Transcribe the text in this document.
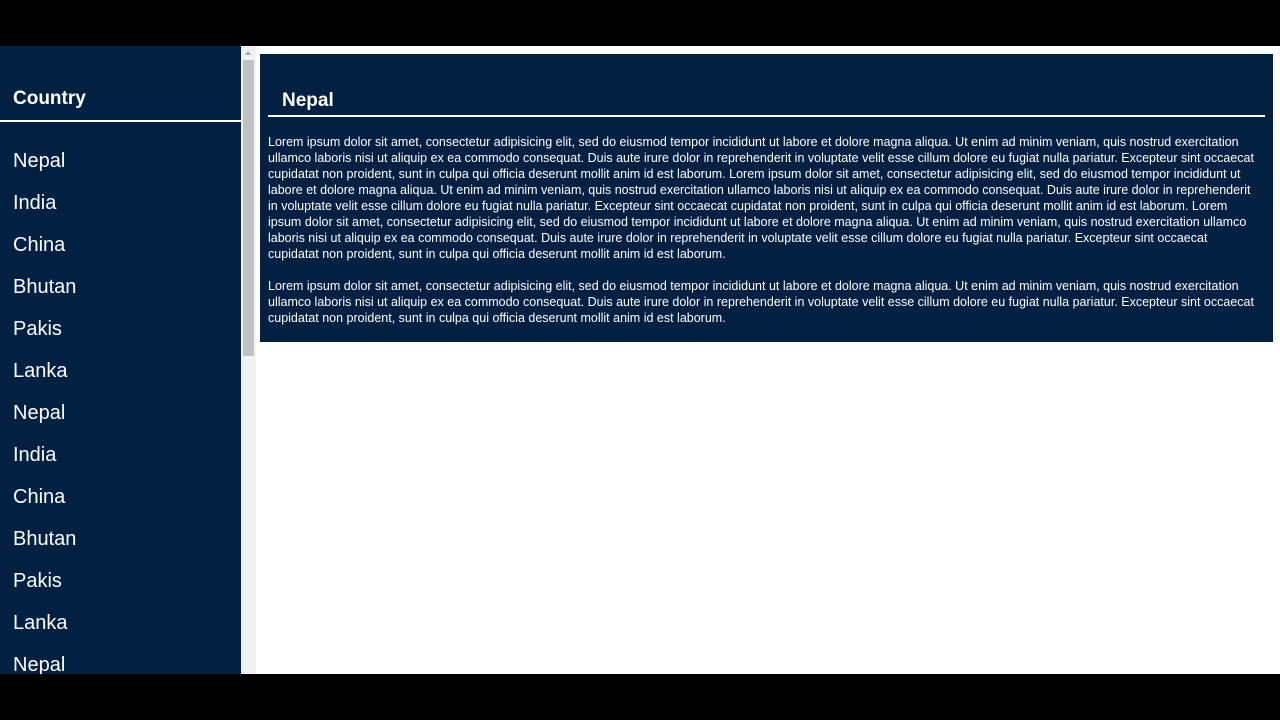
Country
Nepal
India
China
Bhutan
Pakis
Lanka
Nepal
India
China
Bhutan
Pakis
Lanka
Nepal
Nepal

Lorem ipsum dolor sit amet, consectetur adipisicing elit, sed do eiusmod tempor incididunt ut labore et dolore magna aliqua. Ut enim ad minim veniam, quis nostrud exercitation ullamco laboris nisi ut aliquip ex ea commodo consequat. Duis aute irure dolor in reprehenderit in voluptate velit esse cillum dolore eu fugiat nulla pariatur. Excepteur sint occaecat cupidatat non proident, sunt in culpa qui officia deserunt mollit anim id est laborum. Lorem ipsum dolor sit amet, consectetur adipisicing elit, sed do eiusmod tempor incididunt ut labore et dolore magna aliqua. Ut enim ad minim veniam, quis nostrud exercitation ullamco laboris nisi ut aliquip ex ea commodo consequat. Duis aute irure dolor in reprehenderit in voluptate velit esse cillum dolore eu fugiat nulla pariatur. Excepteur sint occaecat cupidatat non proident, sunt in culpa qui officia deserunt mollit anim id est laborum. Lorem ipsum dolor sit amet, consectetur adipisicing elit, sed do eiusmod tempor incididunt ut labore et dolore magna aliqua. Ut enim ad minim veniam, quis nostrud exercitation ullamco laboris nisi ut aliquip ex ea commodo consequat. Duis aute irure dolor in reprehenderit in voluptate velit esse cillum dolore eu fugiat nulla pariatur. Excepteur sint occaecat cupidatat non proident, sunt in culpa qui officia deserunt mollit anim id est laborum.

Lorem ipsum dolor sit amet, consectetur adipisicing elit, sed do eiusmod tempor incididunt ut labore et dolore magna aliqua. Ut enim ad minim veniam, quis nostrud exercitation ullamco laboris nisi ut aliquip ex ea commodo consequat. Duis aute irure dolor in reprehenderit in voluptate velit esse cillum dolore eu fugiat nulla pariatur. Excepteur sint occaecat cupidatat non proident, sunt in culpa qui officia deserunt mollit anim id est laborum.
